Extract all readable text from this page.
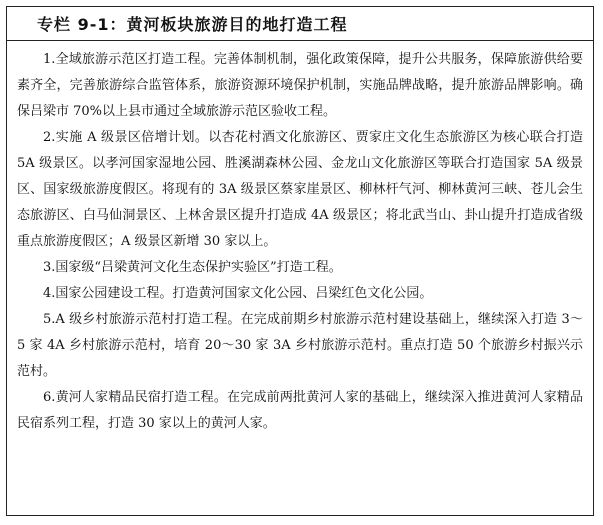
专栏 9-1：黄河板块旅游目的地打造工程

1.全域旅游示范区打造工程。完善体制机制，强化政策保障，提升公共服务，保障旅游供给要素齐全，完善旅游综合监管体系，旅游资源环境保护机制，实施品牌战略，提升旅游品牌影响。确保吕梁市 70%以上县市通过全域旅游示范区验收工程。

2.实施 A 级景区倍增计划。以杏花村酒文化旅游区、贾家庄文化生态旅游区为核心联合打造 5A 级景区。以孝河国家湿地公园、胜溪湖森林公园、金龙山文化旅游区等联合打造国家 5A 级景区、国家级旅游度假区。将现有的 3A 级景区蔡家崖景区、柳林杆气河、柳林黄河三峡、苍儿会生态旅游区、白马仙洞景区、上林舍景区提升打造成 4A 级景区；将北武当山、卦山提升打造成省级重点旅游度假区；A 级景区新增 30 家以上。

3.国家级“吕梁黄河文化生态保护实验区”打造工程。

4.国家公园建设工程。打造黄河国家文化公园、吕梁红色文化公园。

5.A 级乡村旅游示范村打造工程。在完成前期乡村旅游示范村建设基础上，继续深入打造 3～5 家 4A 乡村旅游示范村，培育 20～30 家 3A 乡村旅游示范村。重点打造 50 个旅游乡村振兴示范村。

6.黄河人家精品民宿打造工程。在完成前两批黄河人家的基础上，继续深入推进黄河人家精品民宿系列工程，打造 30 家以上的黄河人家。
